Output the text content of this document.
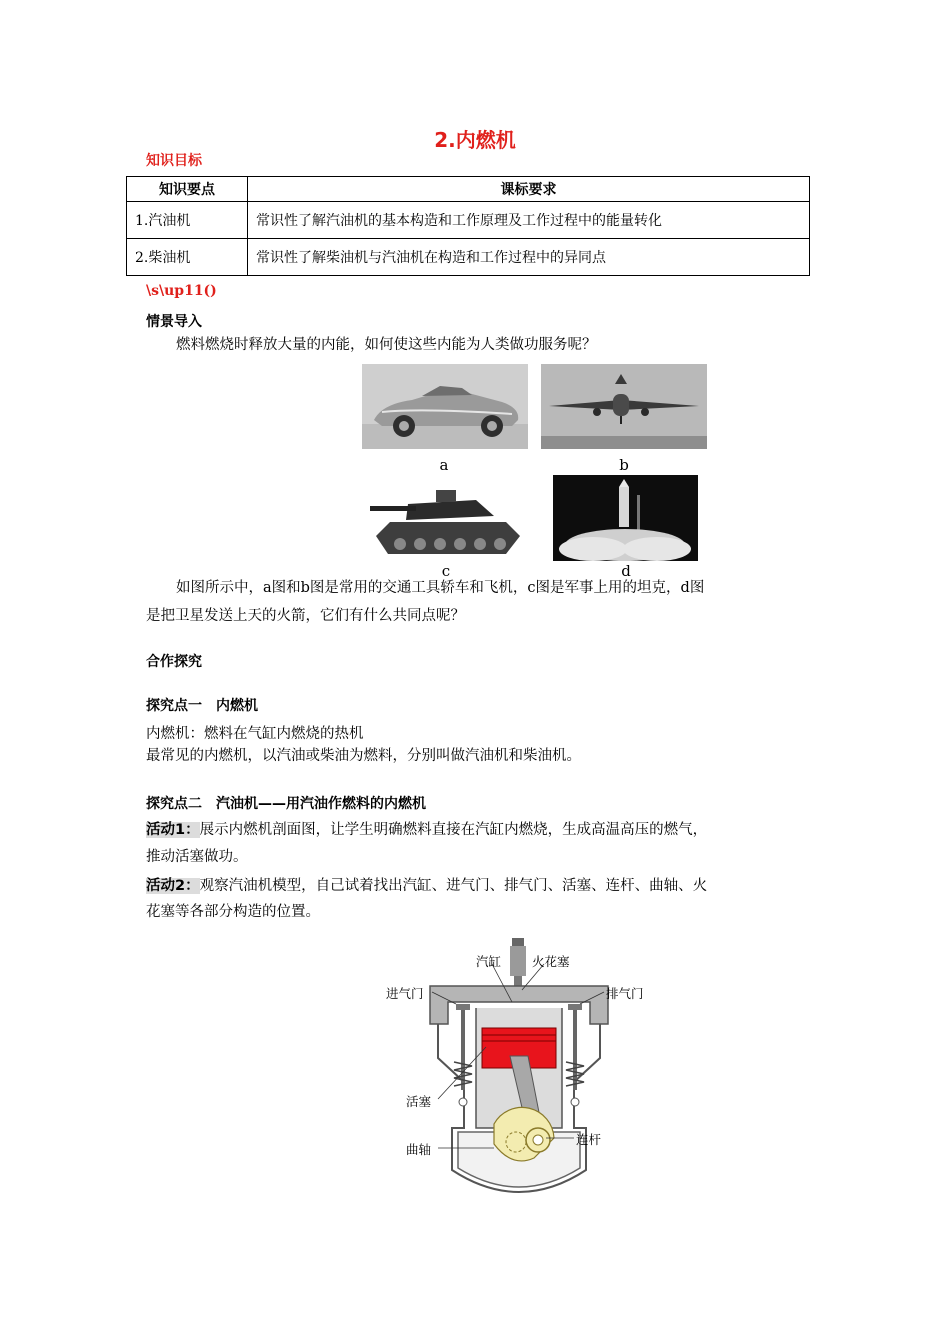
2.内燃机
知识目标
知识要点	课标要求
1.汽油机	常识性了解汽油机的基本构造和工作原理及工作过程中的能量转化
2.柴油机	常识性了解柴油机与汽油机在构造和工作过程中的异同点
\s\up11()
情景导入
燃料燃烧时释放大量的内能，如何使这些内能为人类做功服务呢？
a	b
c	d
如图所示中，a图和b图是常用的交通工具轿车和飞机，c图是军事上用的坦克，d图
是把卫星发送上天的火箭，它们有什么共同点呢？
合作探究
探究点一　内燃机
内燃机：燃料在气缸内燃烧的热机
最常见的内燃机，以汽油或柴油为燃料，分别叫做汽油机和柴油机。
探究点二　汽油机——用汽油作燃料的内燃机
活动1：展示内燃机剖面图，让学生明确燃料直接在汽缸内燃烧，生成高温高压的燃气，
推动活塞做功。
活动2：观察汽油机模型，自己试着找出汽缸、进气门、排气门、活塞、连杆、曲轴、火
花塞等各部分构造的位置。
汽缸 火花塞
进气门	排气门
活塞
连杆
曲轴
